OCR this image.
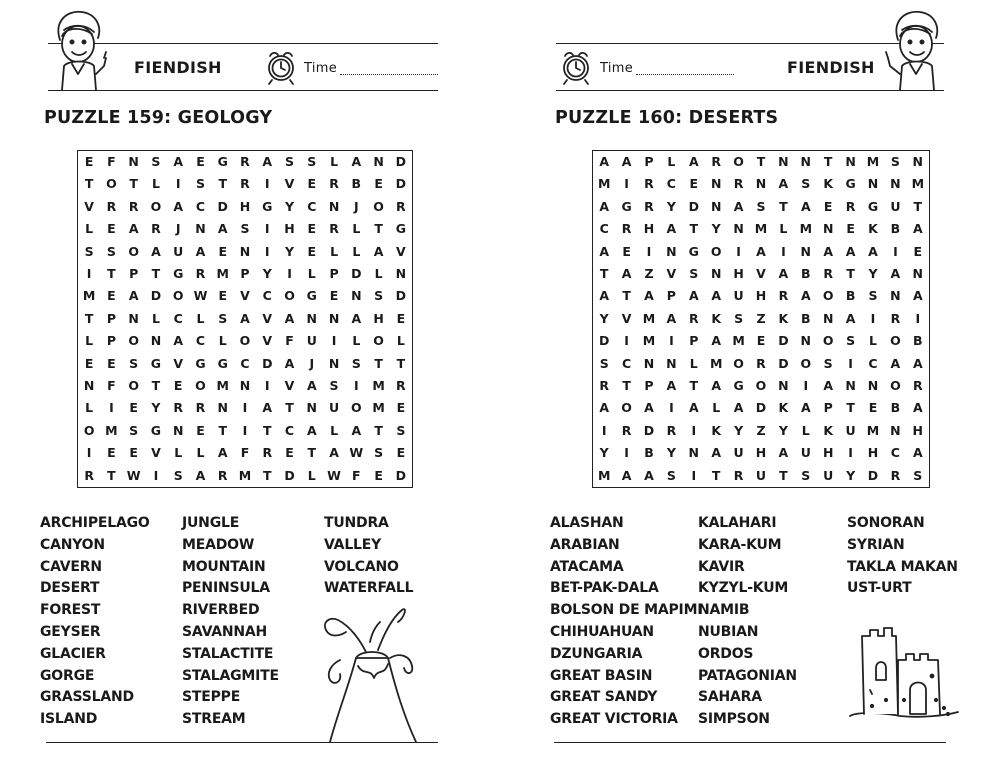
FIENDISH	Time
PUZZLE 159: GEOLOGY
E F N S A E G R A S S L A N D
T O T L I S T R I V E R B E D
V R R O A C D H G Y C N J O R
L E A R J N A S I H E R L T G
S S O A U A E N I Y E L L A V
I T P T G R M P Y I L P D L N
M E A D O W E V C O G E N S D
T P N L C L S A V A N N A H E
L P O N A C L O V F U I L O L
E E S G V G G C D A J N S T T
N F O T E O M N I V A S I M R
L I E Y R R N I A T N U O M E
O M S G N E T I T C A L A T S
I E E V L L A F R E T A W S E
R T W I S A R M T D L W F E D
ARCHIPELAGO
CANYON
CAVERN
DESERT
FOREST
GEYSER
GLACIER
GORGE
GRASSLAND
ISLAND
JUNGLE
MEADOW
MOUNTAIN
PENINSULA
RIVERBED
SAVANNAH
STALACTITE
STALAGMITE
STEPPE
STREAM
TUNDRA
VALLEY
VOLCANO
WATERFALL
Time	FIENDISH
PUZZLE 160: DESERTS
A A P L A R O T N N T N M S N
M I R C E N R N A S K G N N M
A G R Y D N A S T A E R G U T
C R H A T Y N M L M N E K B A
A E I N G O I A I N A A A I E
T A Z V S N H V A B R T Y A N
A T A P A A U H R A O B S N A
Y V M A R K S Z K B N A I R I
D I M I P A M E D N O S L O B
S C N N L M O R D O S I C A A
R T P A T A G O N I A N N O R
A O A I A L A D K A P T E B A
I R D R I K Y Z Y L K U M N H
Y I B Y N A U H A U H I H C A
M A A S I T R U T S U Y D R S
ALASHAN
ARABIAN
ATACAMA
BET-PAK-DALA
BOLSON DE MAPIMI
CHIHUAHUAN
DZUNGARIA
GREAT BASIN
GREAT SANDY
GREAT VICTORIA
KALAHARI
KARA-KUM
KAVIR
KYZYL-KUM
NAMIB
NUBIAN
ORDOS
PATAGONIAN
SAHARA
SIMPSON
SONORAN
SYRIAN
TAKLA MAKAN
UST-URT
